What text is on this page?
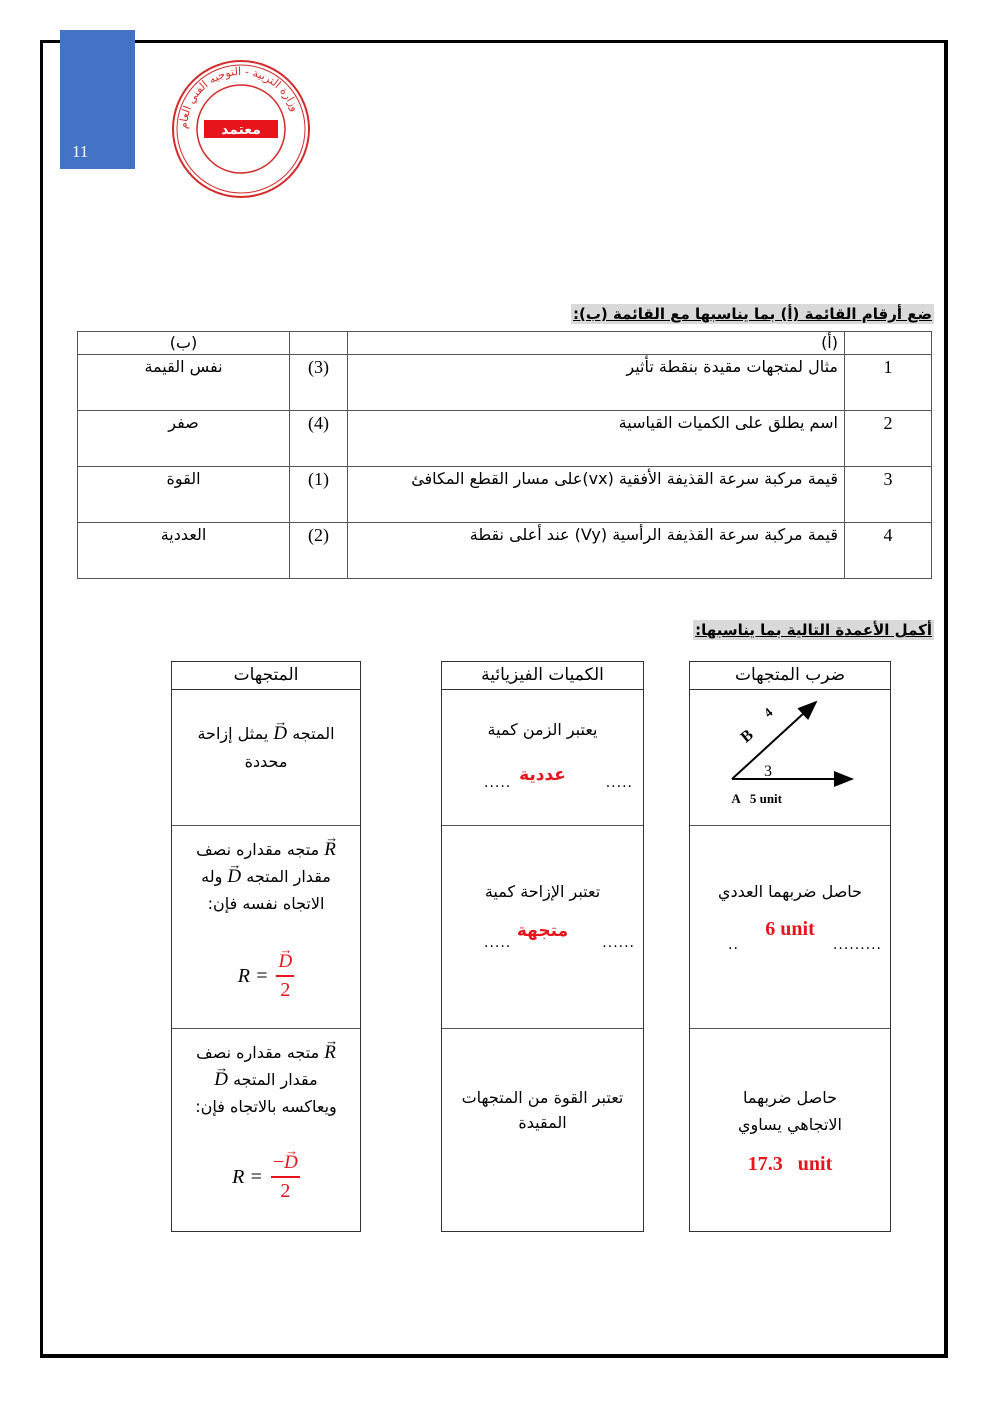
11
وزارة التربية - التوجيه الفني العام
معتمد
ضع أرقام القائمة (أ) بما يناسبها مع القائمة (ب):
	(أ)		(ب)
1	مثال لمتجهات مقيدة بنقطة تأثير	(3)	نفس القيمة
2	اسم يطلق على الكميات القياسية	(4)	صفر
3	قيمة مركبة سرعة القذيفة الأفقية (vx)على مسار القطع المكافئ	(1)	القوة
4	قيمة مركبة سرعة القذيفة الرأسية (Vy) عند أعلى نقطة	(2)	العددية
أكمل الأعمدة التالية بما يناسبها:
ضرب المتجهات
B
4
3
A   5 unit
حاصل ضربهما العددي
6 unit
..	.........
حاصل ضربهما
الاتجاهي يساوي
17.3   unit
الكميات الفيزيائية
يعتبر الزمن كمية
عددية
.....	.....
تعتبر الإزاحة كمية
متجهة
.....	......
تعتبر القوة من المتجهات
المقيدة
المتجهات
المتجه → D يمثل إزاحة
محددة
→ R متجه مقداره نصف
مقدار المتجه → D وله
الاتجاه نفسه فإن:
R = → $\frac{D}{2}$
→ R متجه مقداره نصف
مقدار المتجه → D
ويعاكسه بالاتجاه فإن:
$R = \frac{-\to D}{2}$
